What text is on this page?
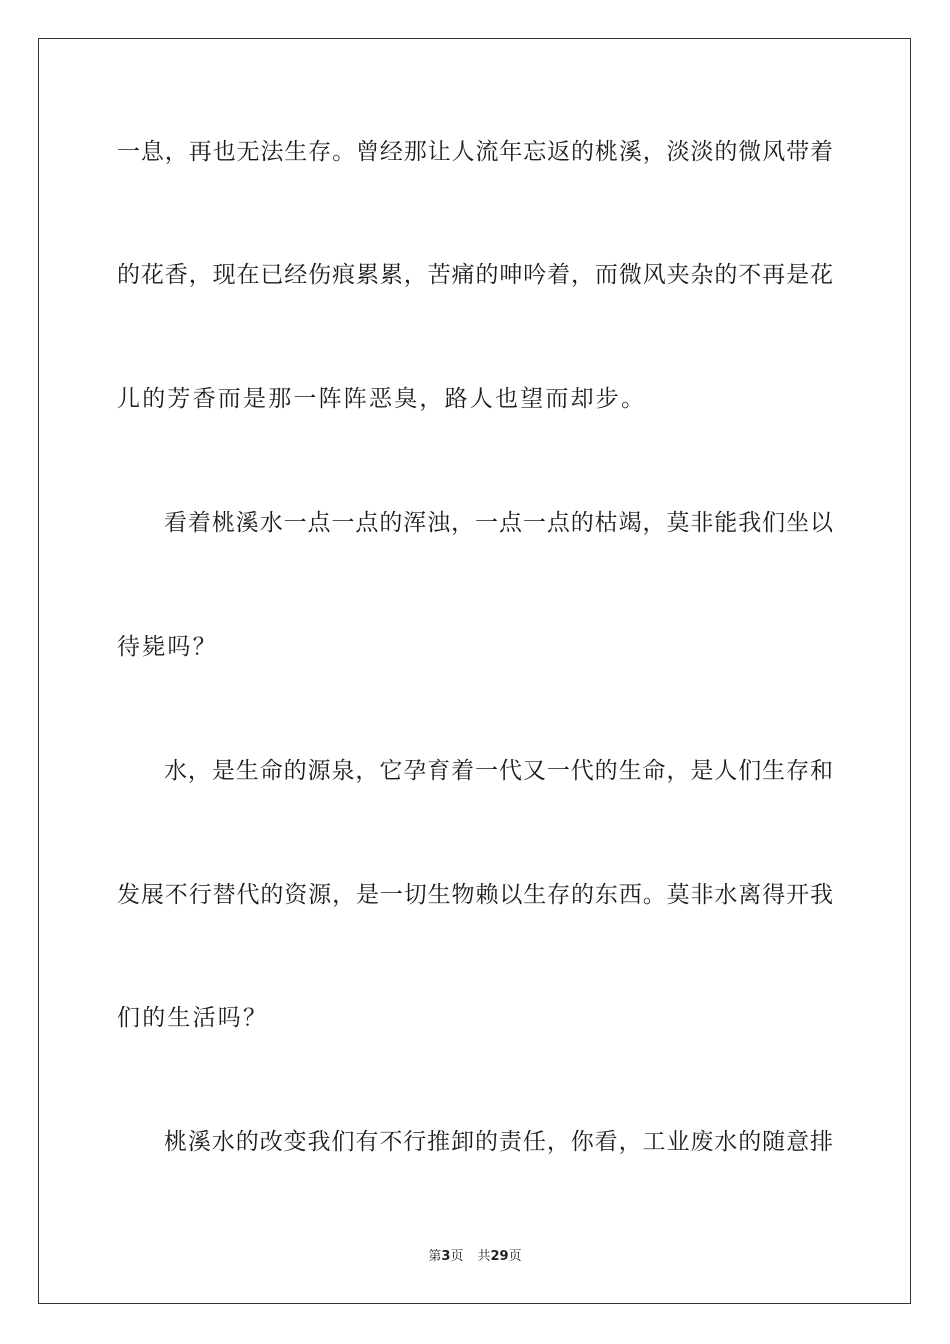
一息，再也无法生存。曾经那让人流年忘返的桃溪，淡淡的微风带着
的花香，现在已经伤痕累累，苦痛的呻吟着，而微风夹杂的不再是花
儿的芳香而是那一阵阵恶臭，路人也望而却步。
看着桃溪水一点一点的浑浊，一点一点的枯竭，莫非能我们坐以
待毙吗？
水，是生命的源泉，它孕育着一代又一代的生命，是人们生存和
发展不行替代的资源，是一切生物赖以生存的东西。莫非水离得开我
们的生活吗？
桃溪水的改变我们有不行推卸的责任，你看，工业废水的随意排
第3页 共29页
